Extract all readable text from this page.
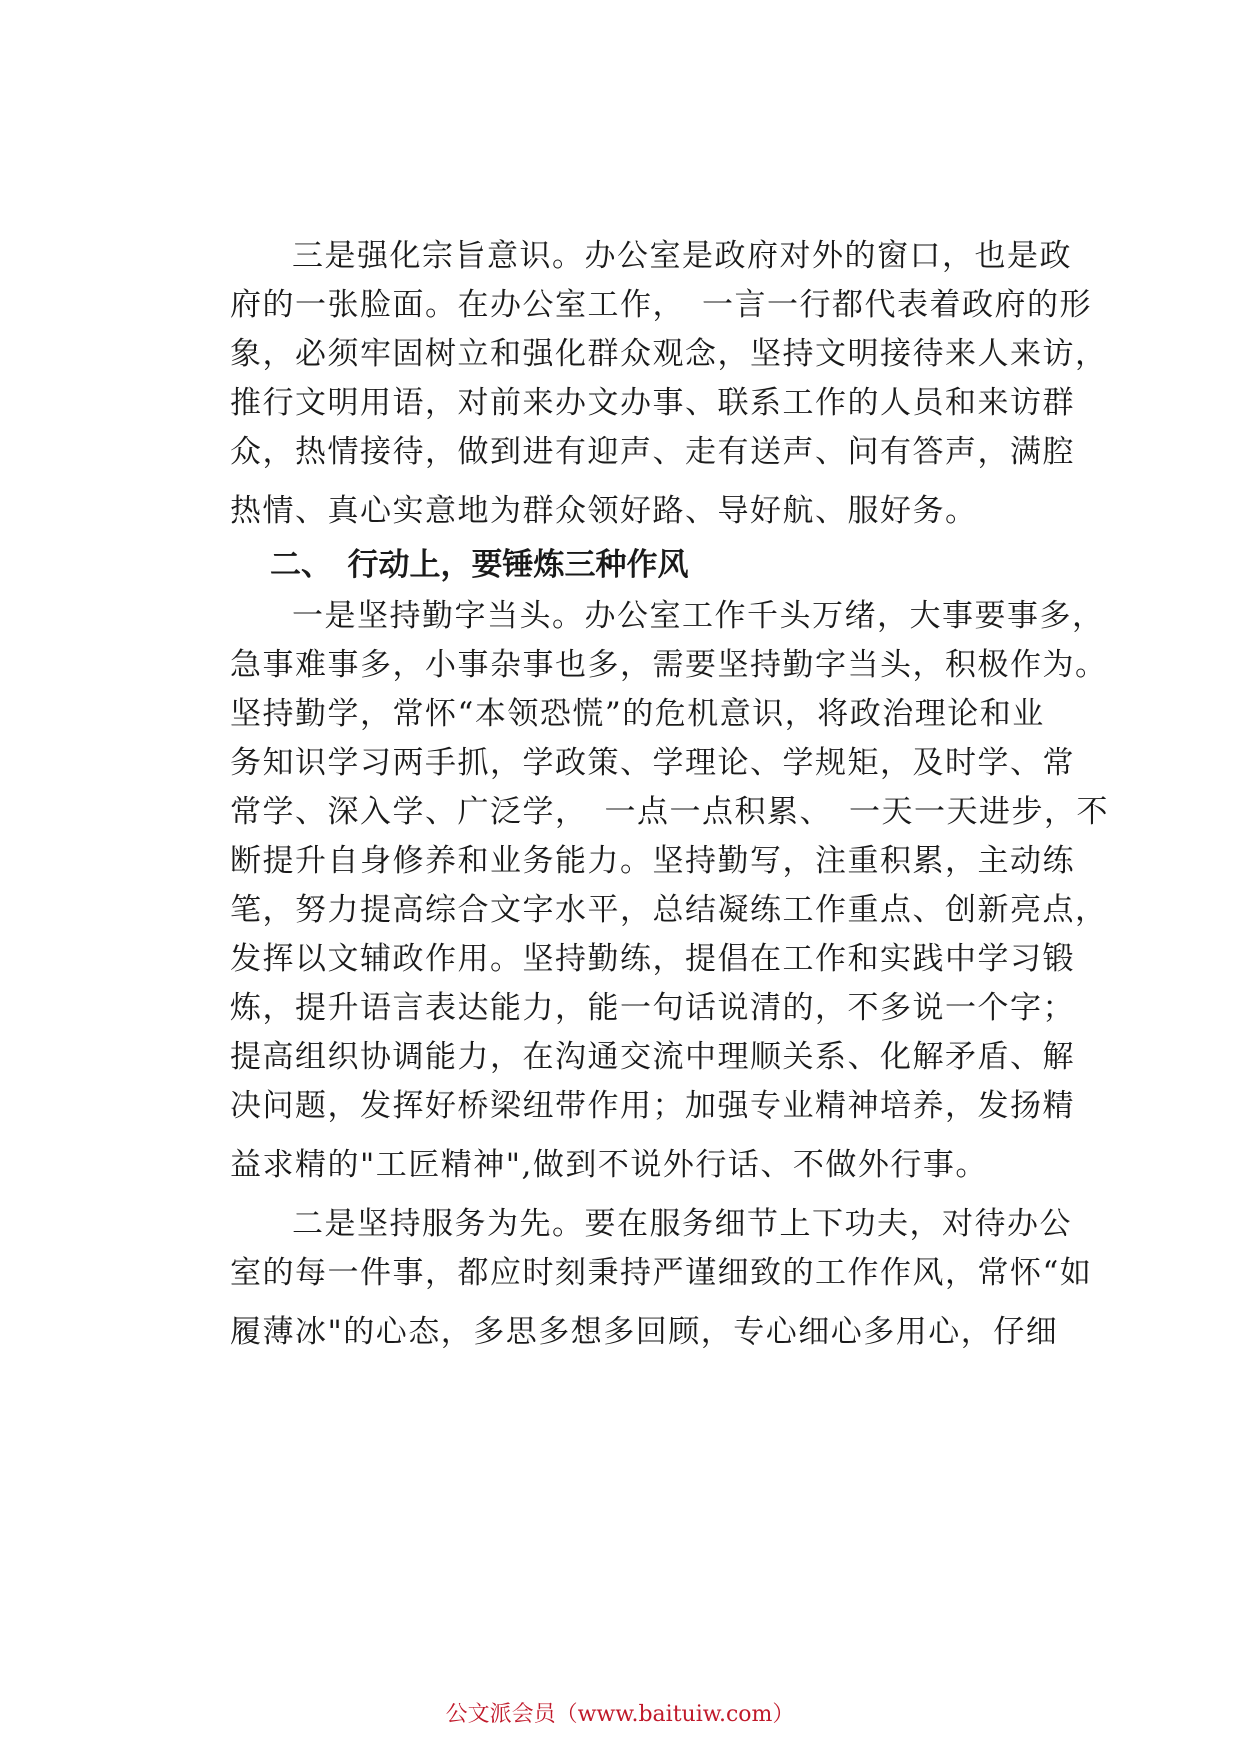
三是强化宗旨意识。办公室是政府对外的窗口，也是政
府的一张脸面。在办公室工作，　一言一行都代表着政府的形
象，必须牢固树立和强化群众观念，坚持文明接待来人来访，
推行文明用语，对前来办文办事、联系工作的人员和来访群
众，热情接待，做到进有迎声、走有送声、问有答声，满腔
热情、真心实意地为群众领好路、导好航、服好务。
二、　行动上，要锤炼三种作风
一是坚持勤字当头。办公室工作千头万绪，大事要事多，
急事难事多，小事杂事也多，需要坚持勤字当头，积极作为。
坚持勤学，常怀“本领恐慌”的危机意识，将政治理论和业
务知识学习两手抓，学政策、学理论、学规矩，及时学、常
常学、深入学、广泛学，　一点一点积累、　一天一天进步，不
断提升自身修养和业务能力。坚持勤写，注重积累，主动练
笔，努力提高综合文字水平，总结凝练工作重点、创新亮点，
发挥以文辅政作用。坚持勤练，提倡在工作和实践中学习锻
炼，提升语言表达能力，能一句话说清的，不多说一个字；
提高组织协调能力，在沟通交流中理顺关系、化解矛盾、解
决问题，发挥好桥梁纽带作用；加强专业精神培养，发扬精
益求精的"工匠精神",做到不说外行话、不做外行事。
二是坚持服务为先。要在服务细节上下功夫，对待办公
室的每一件事，都应时刻秉持严谨细致的工作作风，常怀“如
履薄冰"的心态，多思多想多回顾，专心细心多用心，仔细
公文派会员（www.baituiw.com）
